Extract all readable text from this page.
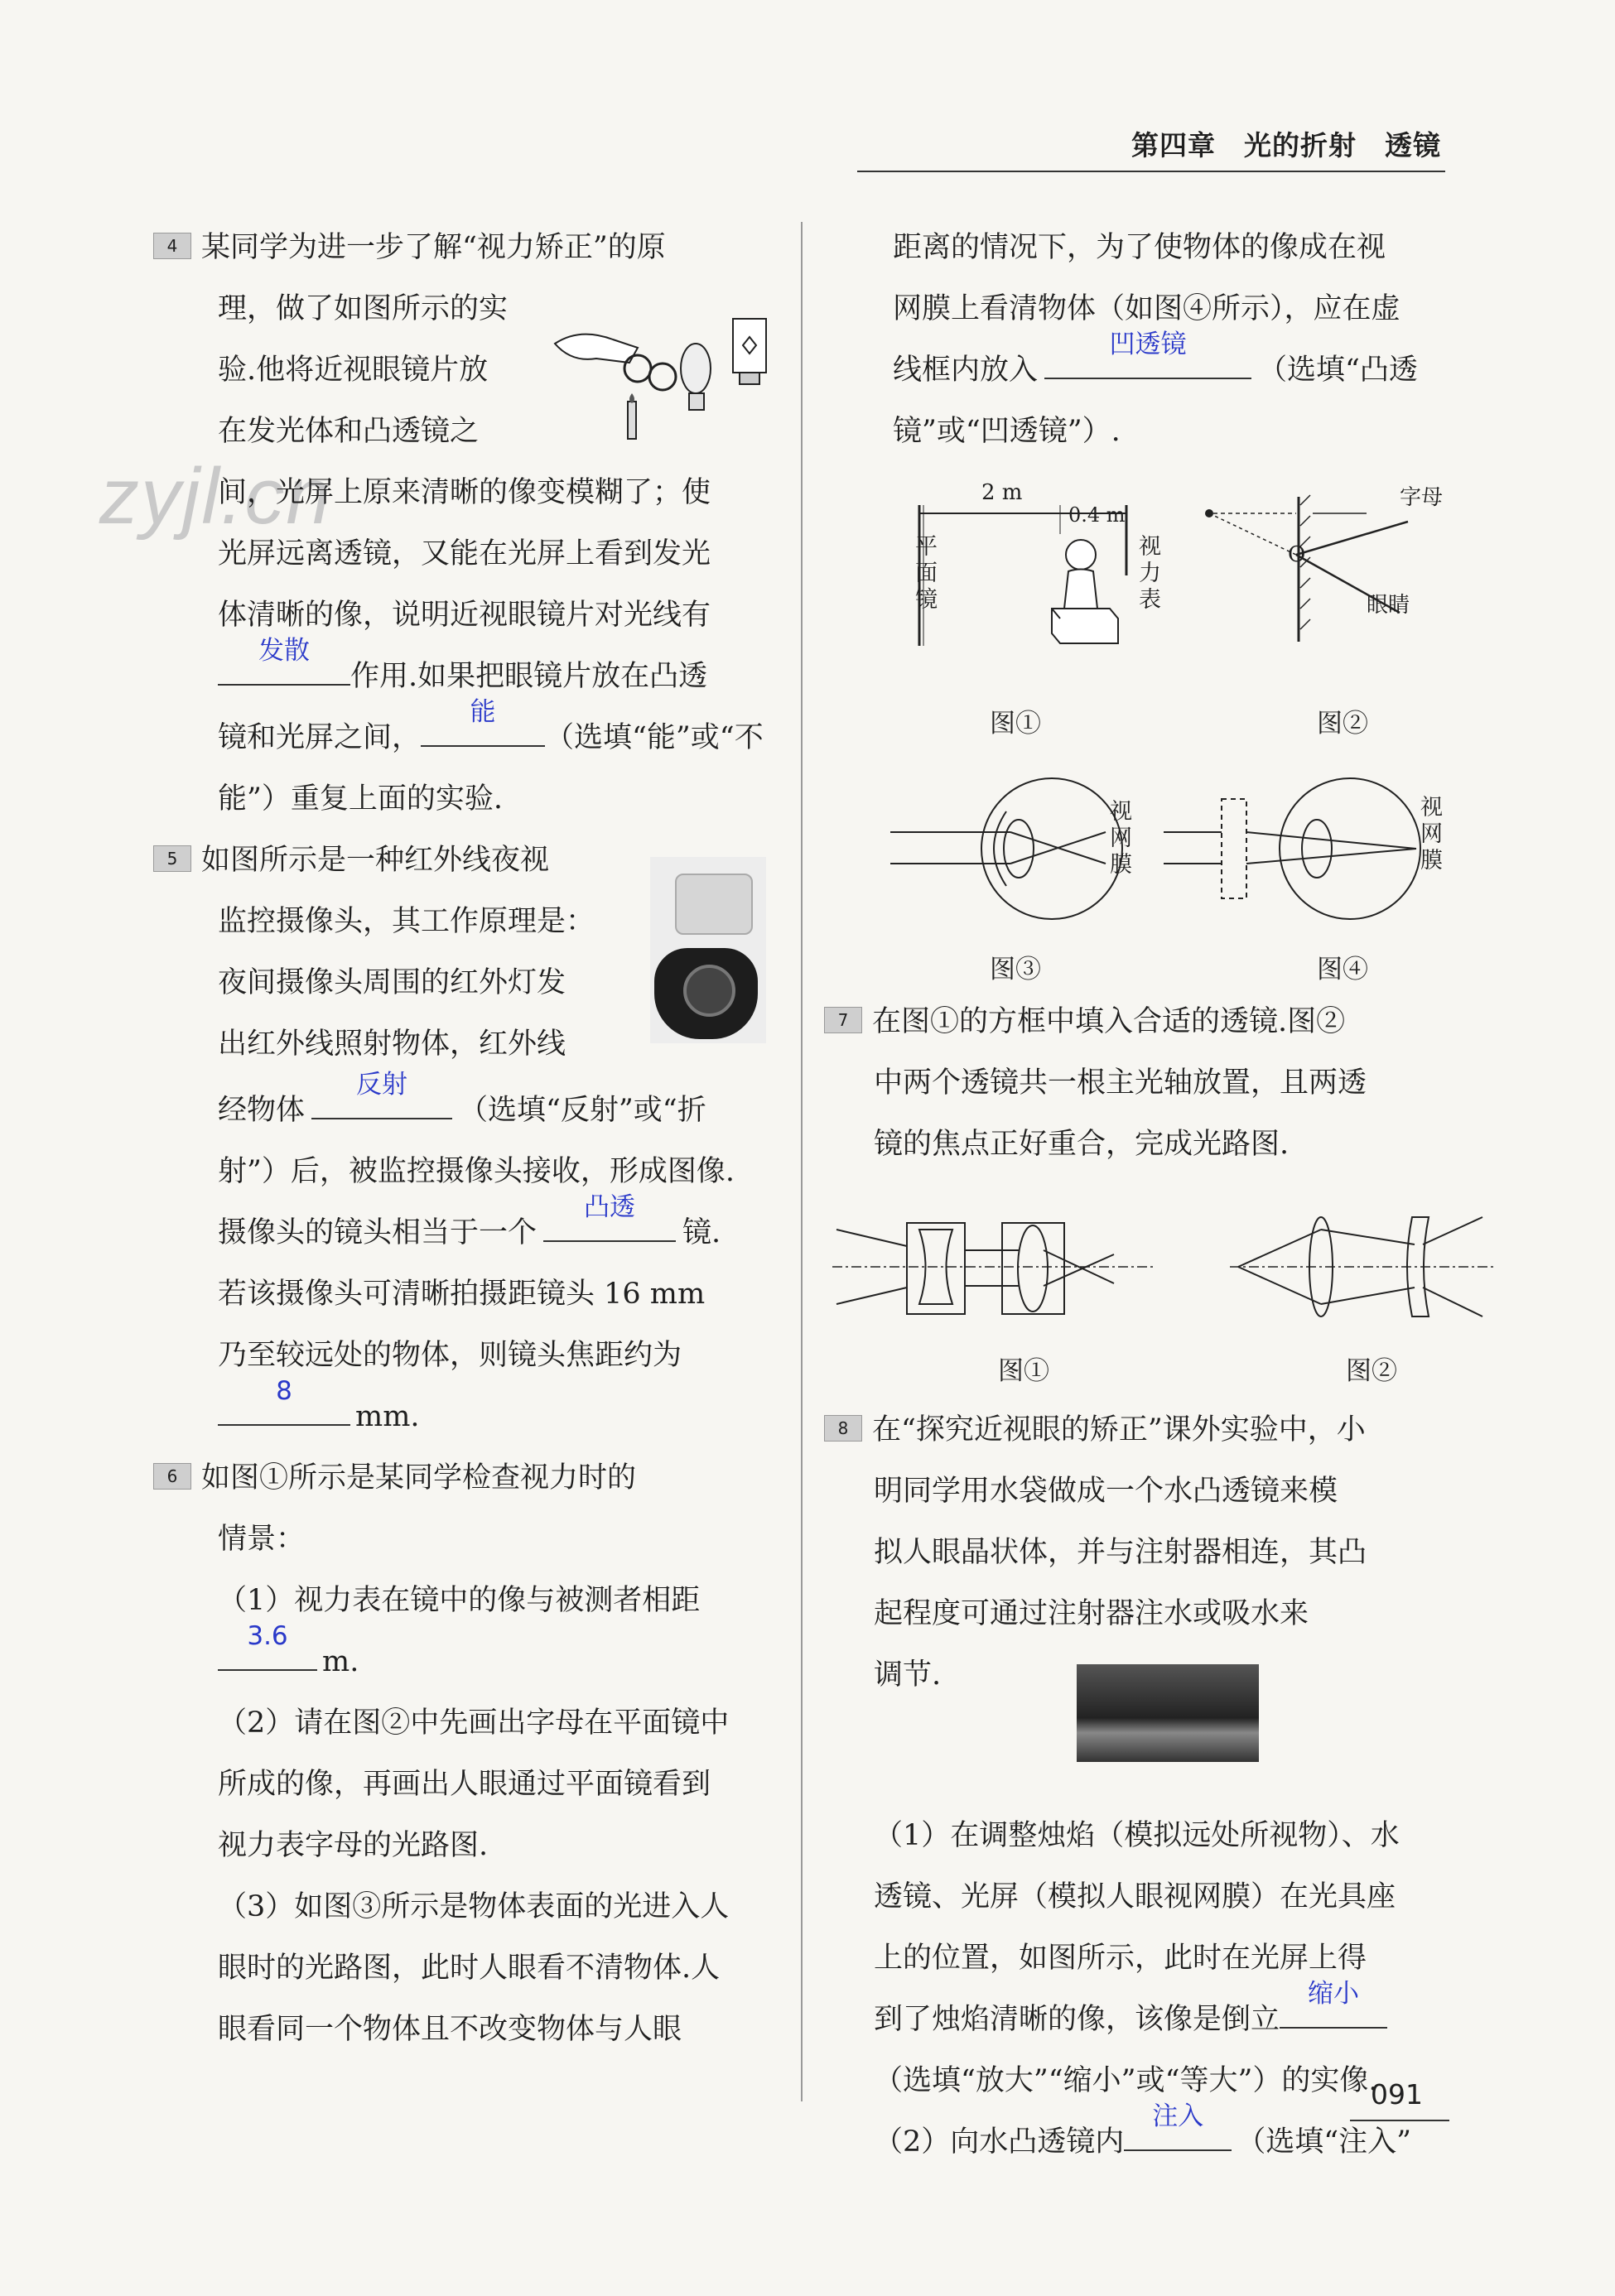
第四章　光的折射　透镜
zyjl.cn
4 某同学为进一步了解“视力矫正”的原
理，做了如图所示的实
验.他将近视眼镜片放
在发光体和凸透镜之
间，光屏上原来清晰的像变模糊了；使
光屏远离透镜，又能在光屏上看到发光
体清晰的像，说明近视眼镜片对光线有
发散
作用.如果把眼镜片放在凸透
镜和光屏之间，
能
（选填“能”或“不
能”）重复上面的实验.
5 如图所示是一种红外线夜视
监控摄像头，其工作原理是：
夜间摄像头周围的红外灯发
出红外线照射物体，红外线
经物体
反射
（选填“反射”或“折
射”）后，被监控摄像头接收，形成图像.
摄像头的镜头相当于一个
凸透
镜.
若该摄像头可清晰拍摄距镜头 16 mm
乃至较远处的物体，则镜头焦距约为
8
mm.
6 如图①所示是某同学检查视力时的
情景：
（1）视力表在镜中的像与被测者相距
3.6
m.
（2）请在图②中先画出字母在平面镜中
所成的像，再画出人眼通过平面镜看到
视力表字母的光路图.
（3）如图③所示是物体表面的光进入人
眼时的光路图，此时人眼看不清物体.人
眼看同一个物体且不改变物体与人眼
距离的情况下，为了使物体的像成在视
网膜上看清物体（如图④所示），应在虚
线框内放入
凹透镜
（选填“凸透
镜”或“凹透镜”）.
2 m
0.4 m
平面镜
视力表
字母
O
眼睛
图①	图②
视网膜
视网膜
图③	图④
7 在图①的方框中填入合适的透镜.图②
中两个透镜共一根主光轴放置，且两透
镜的焦点正好重合，完成光路图.
图①	图②
8 在“探究近视眼的矫正”课外实验中，小
明同学用水袋做成一个水凸透镜来模
拟人眼晶状体，并与注射器相连，其凸
起程度可通过注射器注水或吸水来
调节.
（1）在调整烛焰（模拟远处所视物）、水
透镜、光屏（模拟人眼视网膜）在光具座
上的位置，如图所示，此时在光屏上得
到了烛焰清晰的像，该像是倒立
缩小
（选填“放大”“缩小”或“等大”）的实像.
（2）向水凸透镜内
注入
（选填“注入”
091
